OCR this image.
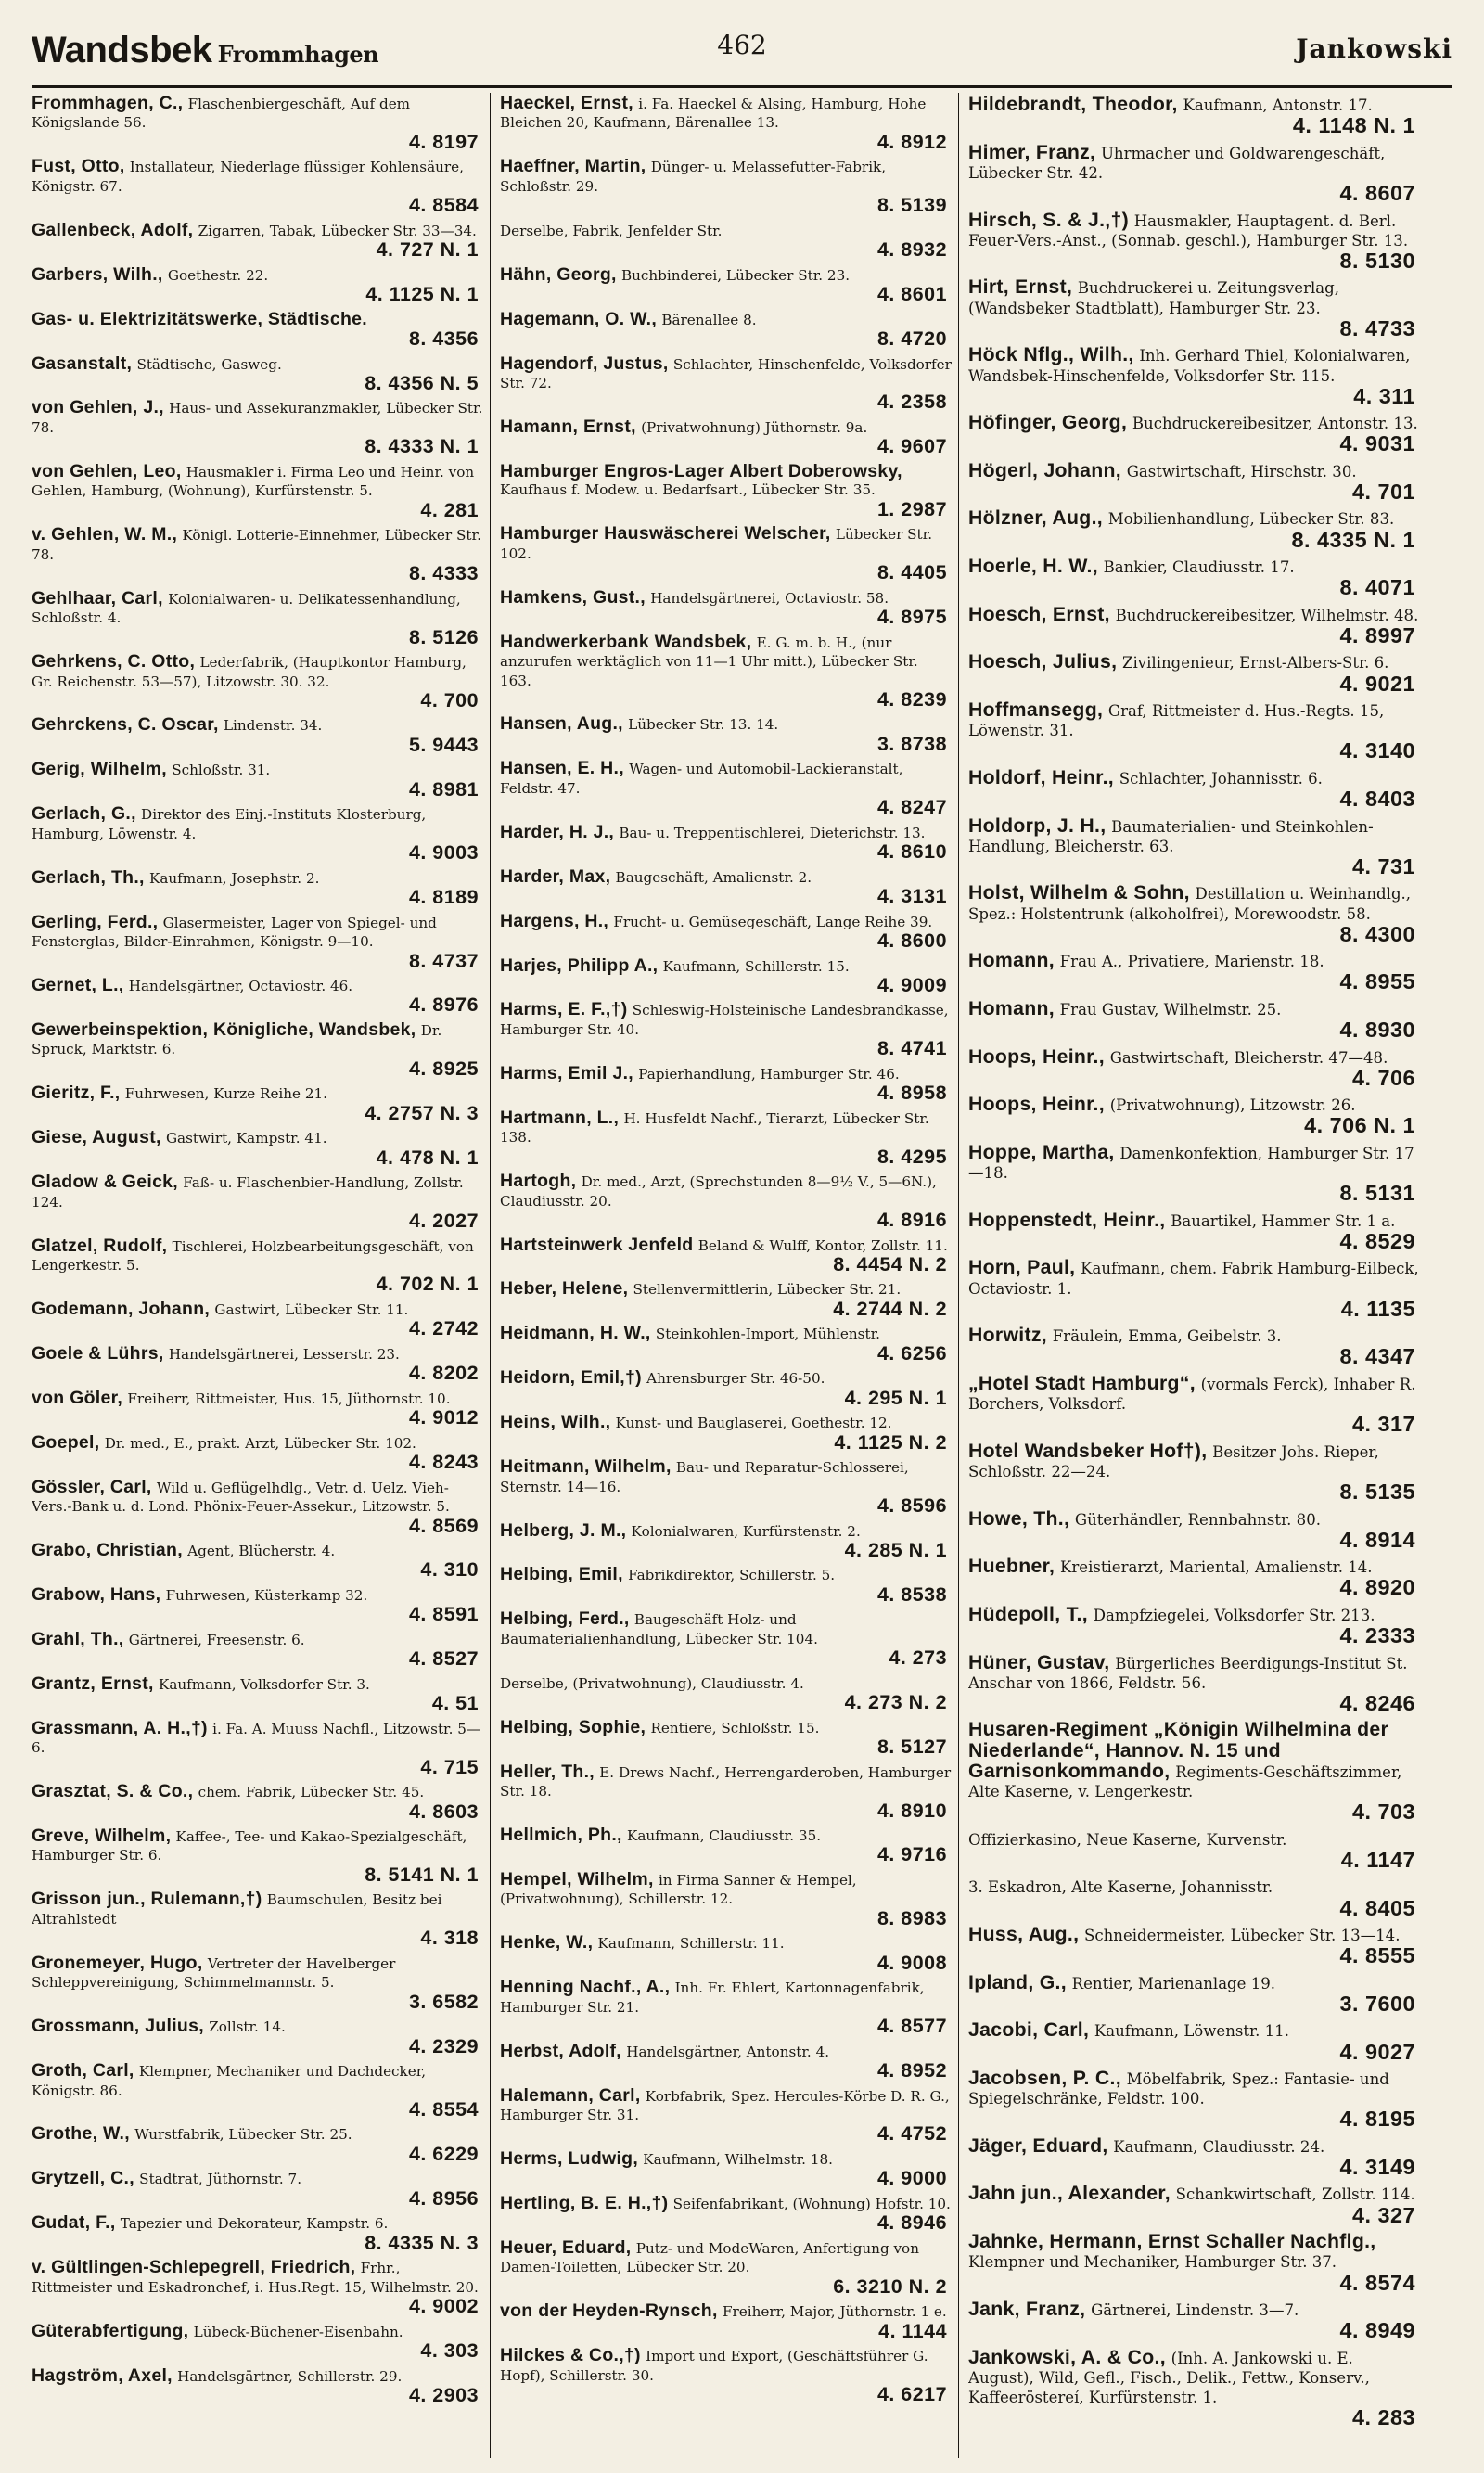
Wandsbek Frommhagen	462	Jankowski
Frommhagen, C., Flaschenbiergeschäft, Auf dem Königslande 56.
4. 8197
Fust, Otto, Installateur, Niederlage flüssiger Kohlensäure, Königstr. 67.
4. 8584
Gallenbeck, Adolf, Zigarren, Tabak, Lübecker Str. 33—34.
4. 727 N. 1
Garbers, Wilh., Goethestr. 22.
4. 1125 N. 1
Gas- u. Elektrizitätswerke, Städtische.
8. 4356
Gasanstalt, Städtische, Gasweg.
8. 4356 N. 5
von Gehlen, J., Haus- und Assekuranzmakler, Lübecker Str. 78.
8. 4333 N. 1
von Gehlen, Leo, Hausmakler i. Firma Leo und Heinr. von Gehlen, Hamburg, (Wohnung), Kurfürstenstr. 5.
4. 281
v. Gehlen, W. M., Königl. Lotterie-Einnehmer, Lübecker Str. 78.
8. 4333
Gehlhaar, Carl, Kolonialwaren- u. Delikatessenhandlung, Schloßstr. 4.
8. 5126
Gehrkens, C. Otto, Lederfabrik, (Hauptkontor Hamburg, Gr. Reichenstr. 53—57), Litzowstr. 30. 32.
4. 700
Gehrckens, C. Oscar, Lindenstr. 34.
5. 9443
Gerig, Wilhelm, Schloßstr. 31.
4. 8981
Gerlach, G., Direktor des Einj.-Instituts Klosterburg, Hamburg, Löwenstr. 4.
4. 9003
Gerlach, Th., Kaufmann, Josephstr. 2.
4. 8189
Gerling, Ferd., Glasermeister, Lager von Spiegel- und Fensterglas, Bilder-Einrahmen, Königstr. 9—10.
8. 4737
Gernet, L., Handelsgärtner, Octaviostr. 46.
4. 8976
Gewerbeinspektion, Königliche, Wandsbek, Dr. Spruck, Marktstr. 6.
4. 8925
Gieritz, F., Fuhrwesen, Kurze Reihe 21.
4. 2757 N. 3
Giese, August, Gastwirt, Kampstr. 41.
4. 478 N. 1
Gladow & Geick, Faß- u. Flaschenbier-Handlung, Zollstr. 124.
4. 2027
Glatzel, Rudolf, Tischlerei, Holzbearbeitungsgeschäft, von Lengerkestr. 5.
4. 702 N. 1
Godemann, Johann, Gastwirt, Lübecker Str. 11.
4. 2742
Goele & Lührs, Handelsgärtnerei, Lesserstr. 23.
4. 8202
von Göler, Freiherr, Rittmeister, Hus. 15, Jüthornstr. 10.
4. 9012
Goepel, Dr. med., E., prakt. Arzt, Lübecker Str. 102.
4. 8243
Gössler, Carl, Wild u. Geflügelhdlg., Vetr. d. Uelz. Vieh-Vers.-Bank u. d. Lond. Phönix-Feuer-Assekur., Litzowstr. 5.
4. 8569
Grabo, Christian, Agent, Blücherstr. 4.
4. 310
Grabow, Hans, Fuhrwesen, Küsterkamp 32.
4. 8591
Grahl, Th., Gärtnerei, Freesenstr. 6.
4. 8527
Grantz, Ernst, Kaufmann, Volksdorfer Str. 3.
4. 51
Grassmann, A. H.,†) i. Fa. A. Muuss Nachfl., Litzowstr. 5—6.
4. 715
Grasztat, S. & Co., chem. Fabrik, Lübecker Str. 45.
4. 8603
Greve, Wilhelm, Kaffee-, Tee- und Kakao-Spezialgeschäft, Hamburger Str. 6.
8. 5141 N. 1
Grisson jun., Rulemann,†) Baumschulen, Besitz bei Altrahlstedt
4. 318
Gronemeyer, Hugo, Vertreter der Havelberger Schleppvereinigung, Schimmelmannstr. 5.
3. 6582
Grossmann, Julius, Zollstr. 14.
4. 2329
Groth, Carl, Klempner, Mechaniker und Dachdecker, Königstr. 86.
4. 8554
Grothe, W., Wurstfabrik, Lübecker Str. 25.
4. 6229
Grytzell, C., Stadtrat, Jüthornstr. 7.
4. 8956
Gudat, F., Tapezier und Dekorateur, Kampstr. 6.
8. 4335 N. 3
v. Gültlingen-Schlepegrell, Friedrich, Frhr., Rittmeister und Eskadronchef, i. Hus.Regt. 15, Wilhelmstr. 20.
4. 9002
Güterabfertigung, Lübeck-Büchener-Eisenbahn.
4. 303
Hagström, Axel, Handelsgärtner, Schillerstr. 29.
4. 2903
Haeckel, Ernst, i. Fa. Haeckel & Alsing, Hamburg, Hohe Bleichen 20, Kaufmann, Bärenallee 13.
4. 8912
Haeffner, Martin, Dünger- u. Melassefutter-Fabrik, Schloßstr. 29.
8. 5139
Derselbe, Fabrik, Jenfelder Str.
4. 8932
Hähn, Georg, Buchbinderei, Lübecker Str. 23.
4. 8601
Hagemann, O. W., Bärenallee 8.
8. 4720
Hagendorf, Justus, Schlachter, Hinschenfelde, Volksdorfer Str. 72.
4. 2358
Hamann, Ernst, (Privatwohnung) Jüthornstr. 9a.
4. 9607
Hamburger Engros-Lager Albert Doberowsky, Kaufhaus f. Modew. u. Bedarfsart., Lübecker Str. 35.
1. 2987
Hamburger Hauswäscherei Welscher, Lübecker Str. 102.
8. 4405
Hamkens, Gust., Handelsgärtnerei, Octaviostr. 58.
4. 8975
Handwerkerbank Wandsbek, E. G. m. b. H., (nur anzurufen werktäglich von 11—1 Uhr mitt.), Lübecker Str. 163.
4. 8239
Hansen, Aug., Lübecker Str. 13. 14.
3. 8738
Hansen, E. H., Wagen- und Automobil-Lackieranstalt, Feldstr. 47.
4. 8247
Harder, H. J., Bau- u. Treppentischlerei, Dieterichstr. 13.
4. 8610
Harder, Max, Baugeschäft, Amalienstr. 2.
4. 3131
Hargens, H., Frucht- u. Gemüsegeschäft, Lange Reihe 39.
4. 8600
Harjes, Philipp A., Kaufmann, Schillerstr. 15.
4. 9009
Harms, E. F.,†) Schleswig-Holsteinische Landesbrandkasse, Hamburger Str. 40.
8. 4741
Harms, Emil J., Papierhandlung, Hamburger Str. 46.
4. 8958
Hartmann, L., H. Husfeldt Nachf., Tierarzt, Lübecker Str. 138.
8. 4295
Hartogh, Dr. med., Arzt, (Sprechstunden 8—9½ V., 5—6N.), Claudiusstr. 20.
4. 8916
Hartsteinwerk Jenfeld Beland & Wulff, Kontor, Zollstr. 11.
8. 4454 N. 2
Heber, Helene, Stellenvermittlerin, Lübecker Str. 21.
4. 2744 N. 2
Heidmann, H. W., Steinkohlen-Import, Mühlenstr.
4. 6256
Heidorn, Emil,†) Ahrensburger Str. 46-50.
4. 295 N. 1
Heins, Wilh., Kunst- und Bauglaserei, Goethestr. 12.
4. 1125 N. 2
Heitmann, Wilhelm, Bau- und Reparatur-Schlosserei, Sternstr. 14—16.
4. 8596
Helberg, J. M., Kolonialwaren, Kurfürstenstr. 2.
4. 285 N. 1
Helbing, Emil, Fabrikdirektor, Schillerstr. 5.
4. 8538
Helbing, Ferd., Baugeschäft Holz- und Baumaterialienhandlung, Lübecker Str. 104.
4. 273
Derselbe, (Privatwohnung), Claudiusstr. 4.
4. 273 N. 2
Helbing, Sophie, Rentiere, Schloßstr. 15.
8. 5127
Heller, Th., E. Drews Nachf., Herrengarderoben, Hamburger Str. 18.
4. 8910
Hellmich, Ph., Kaufmann, Claudiusstr. 35.
4. 9716
Hempel, Wilhelm, in Firma Sanner & Hempel, (Privatwohnung), Schillerstr. 12.
8. 8983
Henke, W., Kaufmann, Schillerstr. 11.
4. 9008
Henning Nachf., A., Inh. Fr. Ehlert, Kartonnagenfabrik, Hamburger Str. 21.
4. 8577
Herbst, Adolf, Handelsgärtner, Antonstr. 4.
4. 8952
Halemann, Carl, Korbfabrik, Spez. Hercules-Körbe D. R. G., Hamburger Str. 31.
4. 4752
Herms, Ludwig, Kaufmann, Wilhelmstr. 18.
4. 9000
Hertling, B. E. H.,†) Seifenfabrikant, (Wohnung) Hofstr. 10.
4. 8946
Heuer, Eduard, Putz- und ModeWaren, Anfertigung von Damen-Toiletten, Lübecker Str. 20.
6. 3210 N. 2
von der Heyden-Rynsch, Freiherr, Major, Jüthornstr. 1 e.
4. 1144
Hilckes & Co.,†) Import und Export, (Geschäftsführer G. Hopf), Schillerstr. 30.
4. 6217
Hildebrandt, Theodor, Kaufmann, Antonstr. 17.
4. 1148 N. 1
Himer, Franz, Uhrmacher und Goldwarengeschäft, Lübecker Str. 42.
4. 8607
Hirsch, S. & J.,†) Hausmakler, Hauptagent. d. Berl. Feuer-Vers.-Anst., (Sonnab. geschl.), Hamburger Str. 13.
8. 5130
Hirt, Ernst, Buchdruckerei u. Zeitungsverlag, (Wandsbeker Stadtblatt), Hamburger Str. 23.
8. 4733
Höck Nflg., Wilh., Inh. Gerhard Thiel, Kolonialwaren, Wandsbek-Hinschenfelde, Volksdorfer Str. 115.
4. 311
Höfinger, Georg, Buchdruckereibesitzer, Antonstr. 13.
4. 9031
Högerl, Johann, Gastwirtschaft, Hirschstr. 30.
4. 701
Hölzner, Aug., Mobilienhandlung, Lübecker Str. 83.
8. 4335 N. 1
Hoerle, H. W., Bankier, Claudiusstr. 17.
8. 4071
Hoesch, Ernst, Buchdruckereibesitzer, Wilhelmstr. 48.
4. 8997
Hoesch, Julius, Zivilingenieur, Ernst-Albers-Str. 6.
4. 9021
Hoffmansegg, Graf, Rittmeister d. Hus.-Regts. 15, Löwenstr. 31.
4. 3140
Holdorf, Heinr., Schlachter, Johannisstr. 6.
4. 8403
Holdorp, J. H., Baumaterialien- und Steinkohlen-Handlung, Bleicherstr. 63.
4. 731
Holst, Wilhelm & Sohn, Destillation u. Weinhandlg., Spez.: Holstentrunk (alkoholfrei), Morewoodstr. 58.
8. 4300
Homann, Frau A., Privatiere, Marienstr. 18.
4. 8955
Homann, Frau Gustav, Wilhelmstr. 25.
4. 8930
Hoops, Heinr., Gastwirtschaft, Bleicherstr. 47—48.
4. 706
Hoops, Heinr., (Privatwohnung), Litzowstr. 26.
4. 706 N. 1
Hoppe, Martha, Damenkonfektion, Hamburger Str. 17—18.
8. 5131
Hoppenstedt, Heinr., Bauartikel, Hammer Str. 1 a.
4. 8529
Horn, Paul, Kaufmann, chem. Fabrik Hamburg-Eilbeck, Octaviostr. 1.
4. 1135
Horwitz, Fräulein, Emma, Geibelstr. 3.
8. 4347
„Hotel Stadt Hamburg“, (vormals Ferck), Inhaber R. Borchers, Volksdorf.
4. 317
Hotel Wandsbeker Hof†), Besitzer Johs. Rieper, Schloßstr. 22—24.
8. 5135
Howe, Th., Güterhändler, Rennbahnstr. 80.
4. 8914
Huebner, Kreistierarzt, Mariental, Amalienstr. 14.
4. 8920
Hüdepoll, T., Dampfziegelei, Volksdorfer Str. 213.
4. 2333
Hüner, Gustav, Bürgerliches Beerdigungs-Institut St. Anschar von 1866, Feldstr. 56.
4. 8246
Husaren-Regiment „Königin Wilhelmina der Niederlande“, Hannov. N. 15 und Garnisonkommando, Regiments-Geschäftszimmer, Alte Kaserne, v. Lengerkestr.
4. 703
Offizierkasino, Neue Kaserne, Kurvenstr.
4. 1147
3. Eskadron, Alte Kaserne, Johannisstr.
4. 8405
Huss, Aug., Schneidermeister, Lübecker Str. 13—14.
4. 8555
Ipland, G., Rentier, Marienanlage 19.
3. 7600
Jacobi, Carl, Kaufmann, Löwenstr. 11.
4. 9027
Jacobsen, P. C., Möbelfabrik, Spez.: Fantasie- und Spiegelschränke, Feldstr. 100.
4. 8195
Jäger, Eduard, Kaufmann, Claudiusstr. 24.
4. 3149
Jahn jun., Alexander, Schankwirtschaft, Zollstr. 114.
4. 327
Jahnke, Hermann, Ernst Schaller Nachflg., Klempner und Mechaniker, Hamburger Str. 37.
4. 8574
Jank, Franz, Gärtnerei, Lindenstr. 3—7.
4. 8949
Jankowski, A. & Co., (Inh. A. Jankowski u. E. August), Wild, Gefl., Fisch., Delik., Fettw., Konserv., Kaffeeröstereí, Kurfürstenstr. 1.
4. 283
